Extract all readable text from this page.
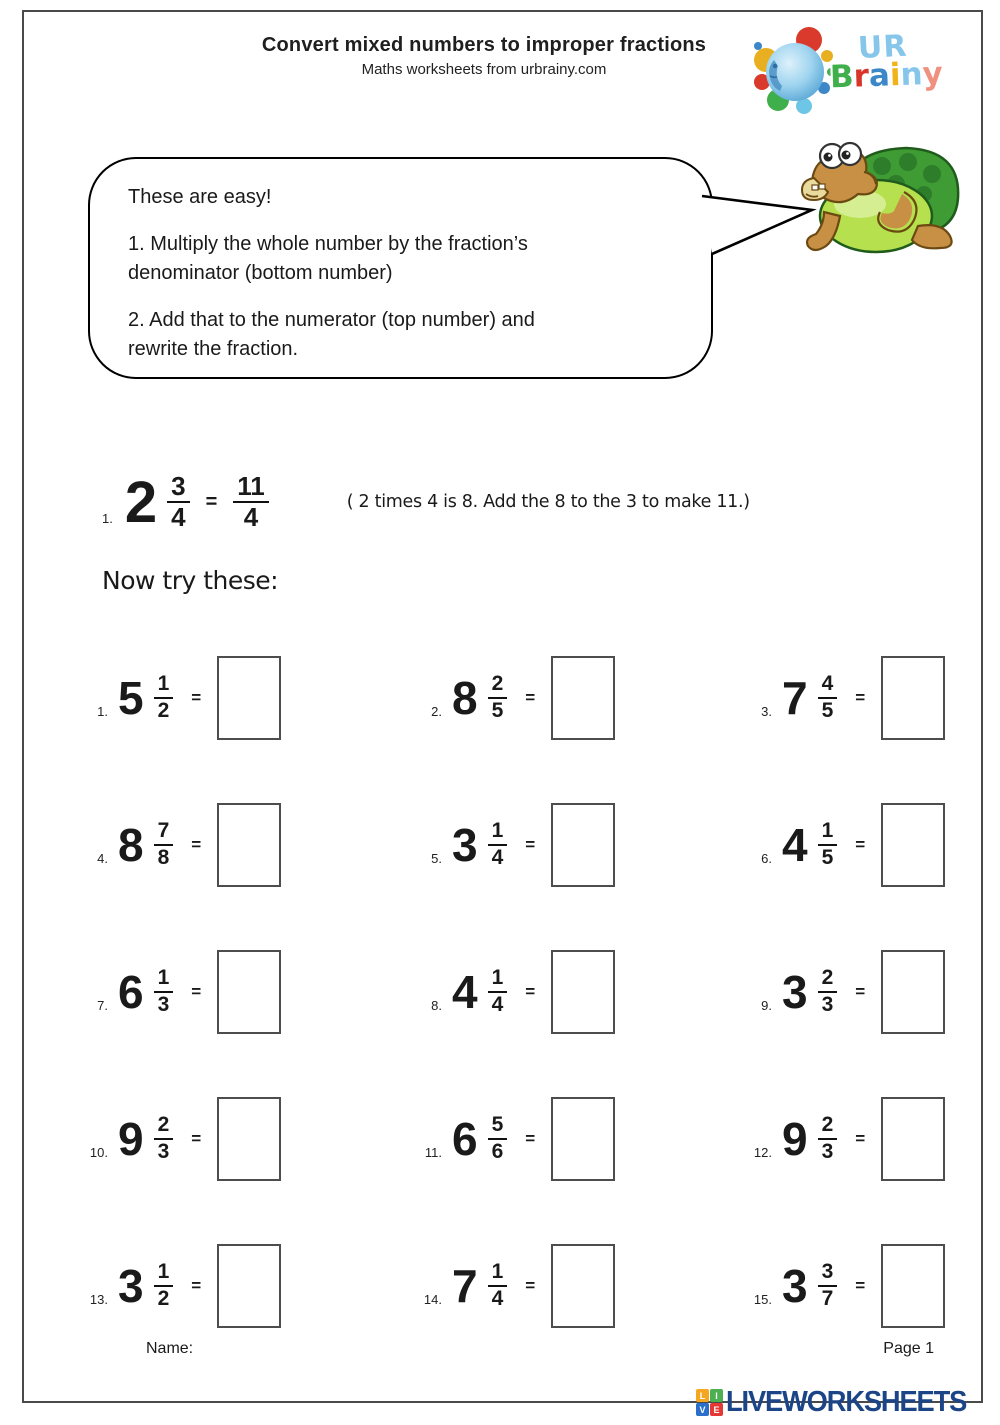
Convert mixed numbers to improper fractions
Maths worksheets from urbrainy.com
UR
Brainy

These are easy!

1. Multiply the whole number by the fraction’s denominator (bottom number)

2. Add that to the numerator (top number) and rewrite the fraction.

1. $2 \frac{3}{4} = \frac{11}{4}$	( 2 times 4 is 8. Add the 8 to the 3 to make 11.)
Now try these:
1. $5 \frac{1}{2}$ =
2. $8 \frac{2}{5}$ =
3. $7 \frac{4}{5}$ =
4. $8 \frac{7}{8}$ =
5. $3 \frac{1}{4}$ =
6. $4 \frac{1}{5}$ =
7. $6 \frac{1}{3}$ =
8. $4 \frac{1}{4}$ =
9. $3 \frac{2}{3}$ =
10. $9 \frac{2}{3}$ =
11. $6 \frac{5}{6}$ =
12. $9 \frac{2}{3}$ =
13. $3 \frac{1}{2}$ =
14. $7 \frac{1}{4}$ =
15. $3 \frac{3}{7}$ =
Name:	Page 1
L	I
V E LIVEWORKSHEETS
